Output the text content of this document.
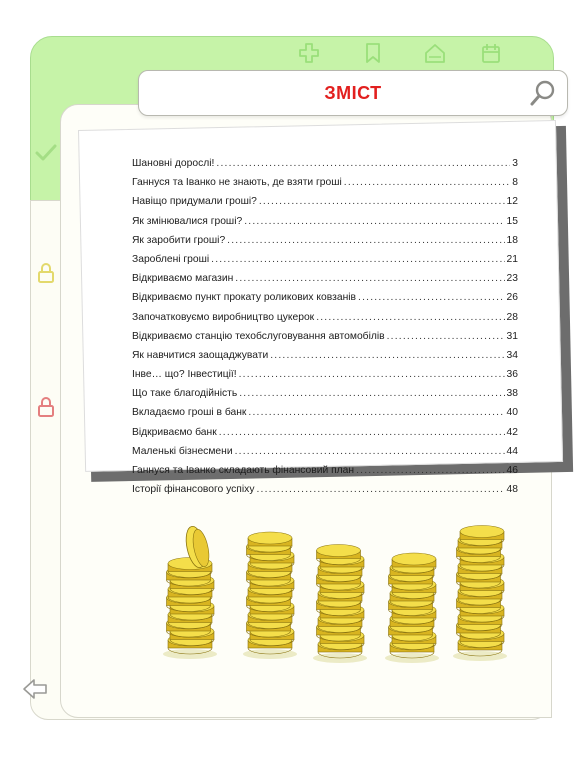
ЗМІСТ
Шановні дорослі! .....	3
Ганнуся та Іванко не знають, де взяти гроші .....	8
Навіщо придумали гроші? .....	12
Як змінювалися гроші? .....	15
Як заробити гроші? .....	18
Зароблені гроші .....	21
Відкриваємо магазин .....	23
Відкриваємо пункт прокату роликових ковзанів .....	26
Започатковуємо виробництво цукерок .....	28
Відкриваємо станцію техобслуговування автомобілів .....	31
Як навчитися заощаджувати .....	34
Інве… що? Інвестиції! .....	36
Що таке благодійність .....	38
Вкладаємо гроші в банк .....	40
Відкриваємо банк .....	42
Маленькі бізнесмени .....	44
Ганнуся та Іванко складають фінансовий план .....	46
Історії фінансового успіху .....	48
